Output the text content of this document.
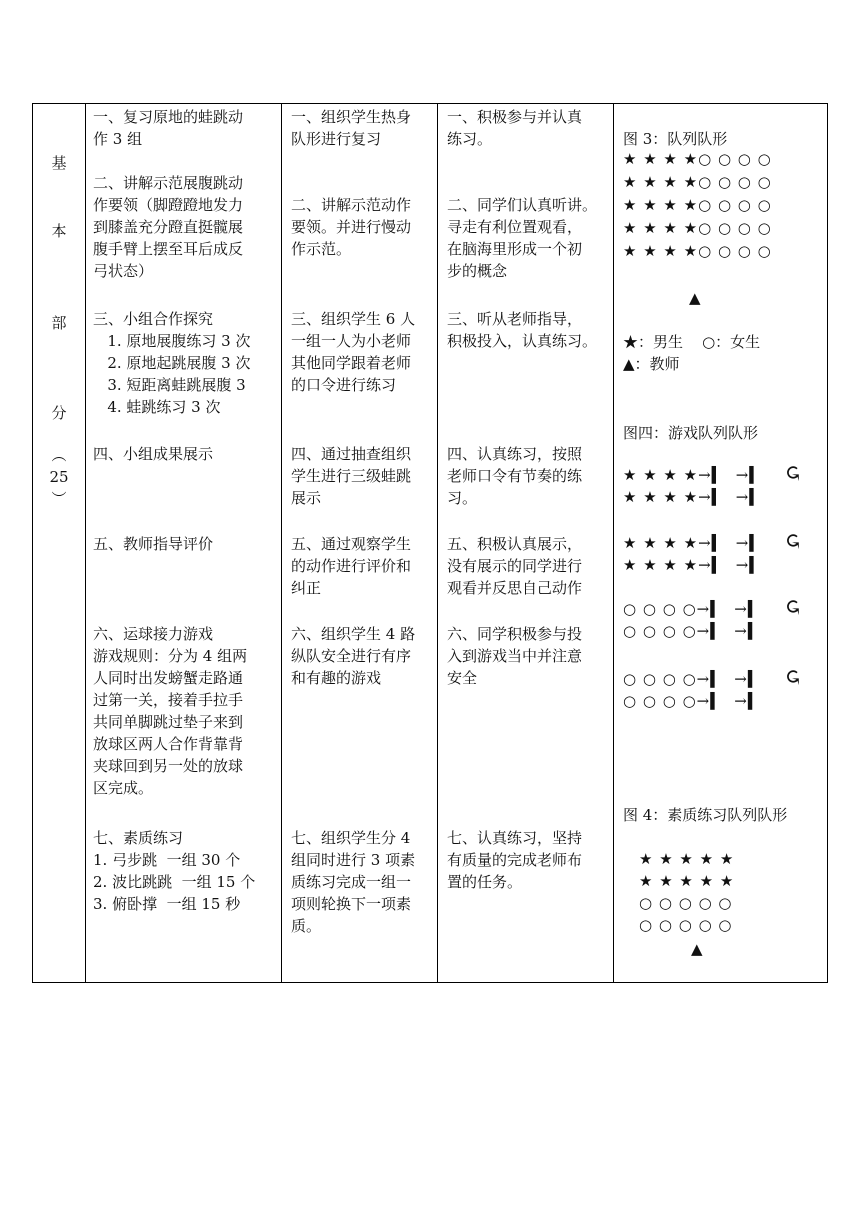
基
本
部
分
︵
25
︶
一、复习原地的蛙跳动
作 3 组

二、讲解示范展腹跳动
作要领（脚蹬蹬地发力
到膝盖充分蹬直挺髋展
腹手臂上摆至耳后成反
弓状态）
一、组织学生热身
队形进行复习

二、讲解示范动作
要领。并进行慢动
作示范。
一、积极参与并认真
练习。

二、同学们认真听讲。
寻走有利位置观看，
在脑海里形成一个初
步的概念
三、小组合作探究
1. 原地展腹练习 3 次
2. 原地起跳展腹 3 次
3. 短距离蛙跳展腹 3
4. 蛙跳练习 3 次
三、组织学生 6 人
一组一人为小老师
其他同学跟着老师
的口令进行练习
三、听从老师指导，
积极投入，认真练习。
四、小组成果展示	四、通过抽查组织
学生进行三级蛙跳
展示
四、认真练习，按照
老师口令有节奏的练
习。
五、教师指导评价	五、通过观察学生
的动作进行评价和
纠正
五、积极认真展示，
没有展示的同学进行
观看并反思自己动作
六、运球接力游戏
游戏规则：分为 4 组两
人同时出发螃蟹走路通
过第一关，接着手拉手
共同单脚跳过垫子来到
放球区两人合作背靠背
夹球回到另一处的放球
区完成。
六、组织学生 4 路
纵队安全进行有序
和有趣的游戏
六、同学积极参与投
入到游戏当中并注意
安全
七、素质练习
1. 弓步跳  一组 30 个
2. 波比跳跳  一组 15 个
3. 俯卧撑  一组 15 秒
七、组织学生分 4
组同时进行 3 项素
质练习完成一组一
项则轮换下一项素
质。
七、认真练习，坚持
有质量的完成老师布
置的任务。
图 3：队列队形
★ ★ ★ ★○ ○ ○ ○
★ ★ ★ ★○ ○ ○ ○
★ ★ ★ ★○ ○ ○ ○
★ ★ ★ ★○ ○ ○ ○
★ ★ ★ ★○ ○ ○ ○
▲
★：男生    ○：女生
▲：教师
图四：游戏队列队形
★ ★ ★ ★→▍  →▍
★ ★ ★ ★→▍  →▍
★ ★ ★ ★→▍  →▍
★ ★ ★ ★→▍  →▍
○ ○ ○ ○→▍  →▍
○ ○ ○ ○→▍  →▍
○ ○ ○ ○→▍  →▍
○ ○ ○ ○→▍  →▍
↺
↺
↺
↺
图 4：素质练习队列队形
★ ★ ★ ★ ★
★ ★ ★ ★ ★
○ ○ ○ ○ ○
○ ○ ○ ○ ○
▲
